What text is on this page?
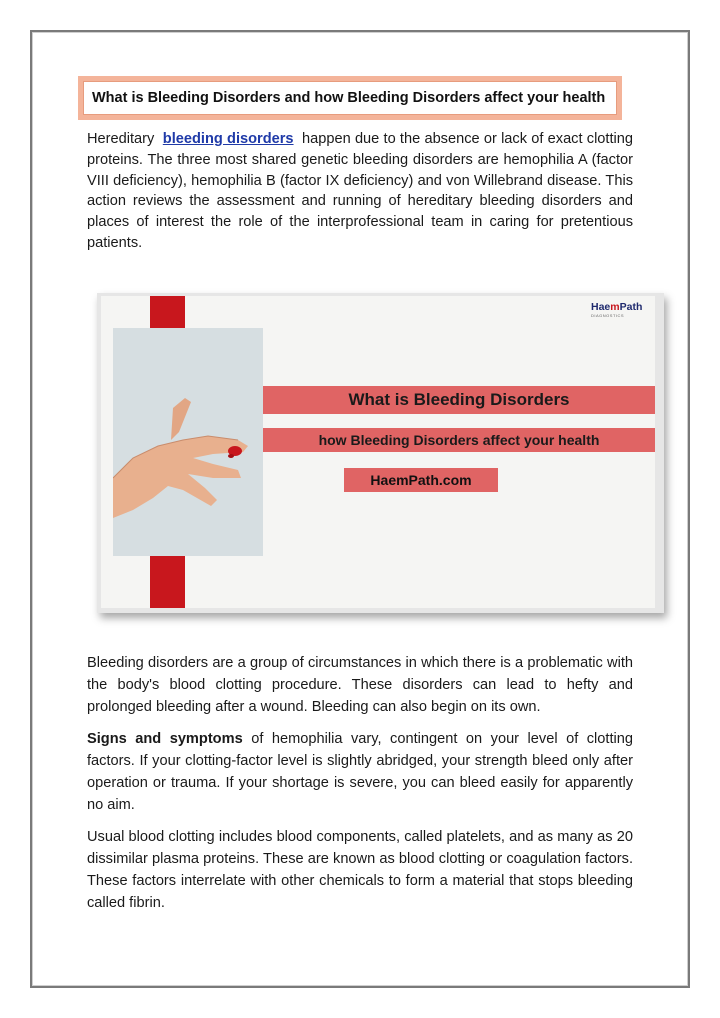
What is Bleeding Disorders and how Bleeding Disorders affect your health

Hereditary bleeding disorders happen due to the absence or lack of exact clotting proteins. The three most shared genetic bleeding disorders are hemophilia A (factor VIII deficiency), hemophilia B (factor IX deficiency) and von Willebrand disease. This action reviews the assessment and running of hereditary bleeding disorders and places of interest the role of the interprofessional team in caring for pretentious patients.

HaemPath
DIAGNOSTICS
What is Bleeding Disorders
how Bleeding Disorders affect your health
HaemPath.com

Bleeding disorders are a group of circumstances in which there is a problematic with the body's blood clotting procedure. These disorders can lead to hefty and prolonged bleeding after a wound. Bleeding can also begin on its own.

Signs and symptoms of hemophilia vary, contingent on your level of clotting factors. If your clotting-factor level is slightly abridged, your strength bleed only after operation or trauma. If your shortage is severe, you can bleed easily for apparently no aim.

Usual blood clotting includes blood components, called platelets, and as many as 20 dissimilar plasma proteins. These are known as blood clotting or coagulation factors. These factors interrelate with other chemicals to form a material that stops bleeding called fibrin.
